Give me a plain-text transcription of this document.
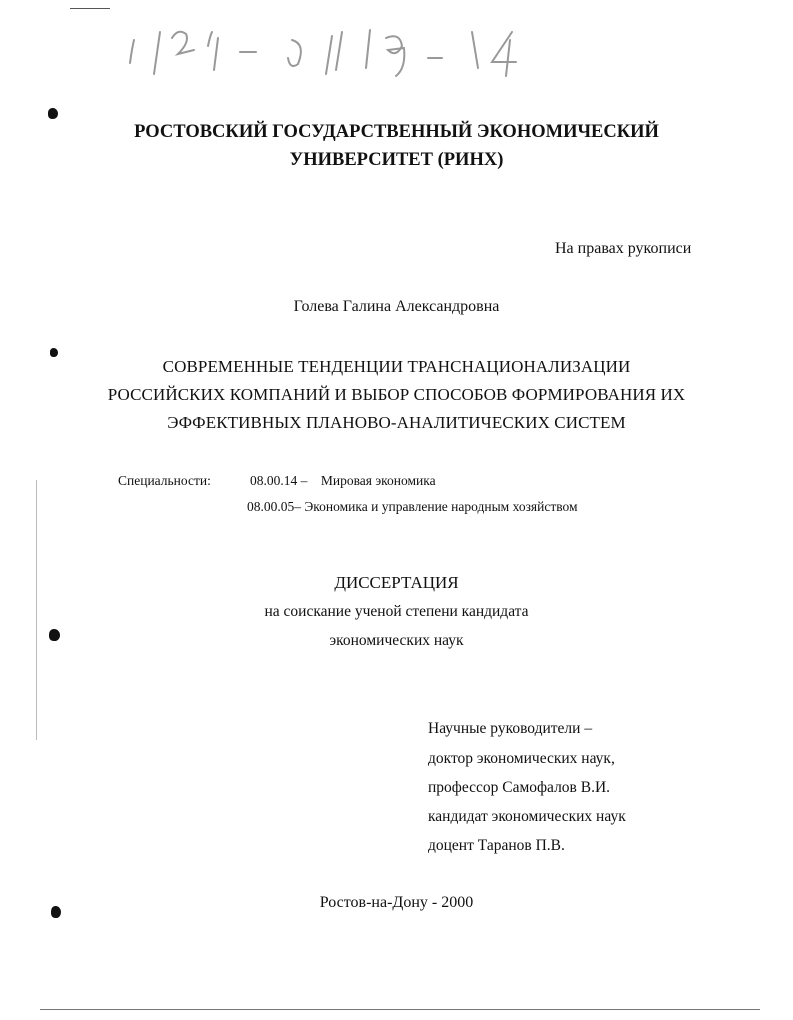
РОСТОВСКИЙ ГОСУДАРСТВЕННЫЙ ЭКОНОМИЧЕСКИЙ
УНИВЕРСИТЕТ (РИНХ)
На правах рукописи
Голева Галина Александровна
СОВРЕМЕННЫЕ ТЕНДЕНЦИИ ТРАНСНАЦИОНАЛИЗАЦИИ
РОССИЙСКИХ КОМПАНИЙ И ВЫБОР СПОСОБОВ ФОРМИРОВАНИЯ ИХ
ЭФФЕКТИВНЫХ ПЛАНОВО-АНАЛИТИЧЕСКИХ СИСТЕМ
Специальности:	08.00.14 – Мировая экономика
08.00.05– Экономика и управление народным хозяйством
ДИССЕРТАЦИЯ
на соискание ученой степени кандидата
экономических наук
Научные руководители –
доктор экономических наук,
профессор Самофалов В.И.
кандидат экономических наук
доцент Таранов П.В.
Ростов-на-Дону - 2000
